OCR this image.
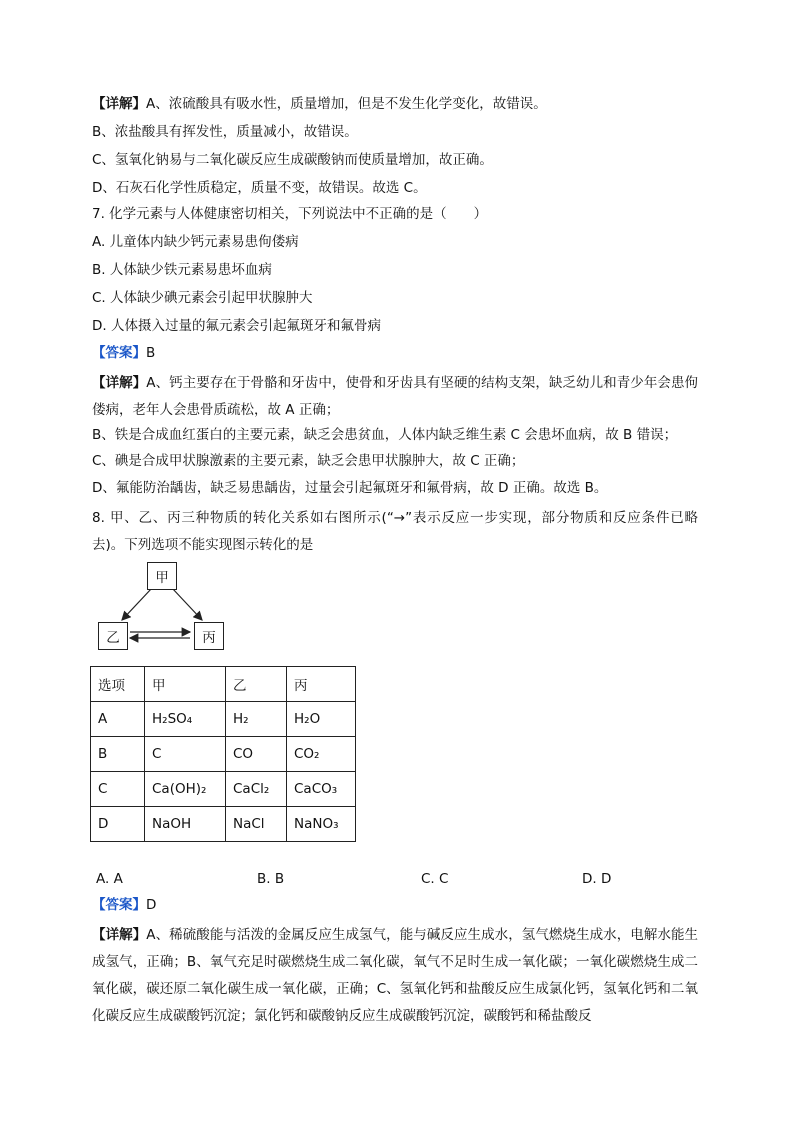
【详解】A、浓硫酸具有吸水性，质量增加，但是不发生化学变化，故错误。
B、浓盐酸具有挥发性，质量减小，故错误。
C、氢氧化钠易与二氧化碳反应生成碳酸钠而使质量增加，故正确。
D、石灰石化学性质稳定，质量不变，故错误。故选 C。
7. 化学元素与人体健康密切相关，下列说法中不正确的是（　　）
A. 儿童体内缺少钙元素易患佝偻病
B. 人体缺少铁元素易患坏血病
C. 人体缺少碘元素会引起甲状腺肿大
D. 人体摄入过量的氟元素会引起氟斑牙和氟骨病
【答案】B
【详解】A、钙主要存在于骨骼和牙齿中，使骨和牙齿具有坚硬的结构支架，缺乏幼儿和青少年会患佝偻病，老年人会患骨质疏松，故 A 正确；
B、铁是合成血红蛋白的主要元素，缺乏会患贫血，人体内缺乏维生素 C 会患坏血病，故 B 错误；
C、碘是合成甲状腺激素的主要元素，缺乏会患甲状腺肿大，故 C 正确；
D、氟能防治龋齿，缺乏易患龋齿，过量会引起氟斑牙和氟骨病，故 D 正确。故选 B。
8. 甲、乙、丙三种物质的转化关系如右图所示(“→”表示反应一步实现，部分物质和反应条件已略去)。下列选项不能实现图示转化的是
甲
乙	丙
选项	甲	乙	丙
A	H₂SO₄	H₂	H₂O
B	C	CO	CO₂
C	Ca(OH)₂	CaCl₂	CaCO₃
D	NaOH	NaCl	NaNO₃
A. A	B. B	C. C	D. D
【答案】D
【详解】A、稀硫酸能与活泼的金属反应生成氢气，能与碱反应生成水，氢气燃烧生成水，电解水能生成氢气，正确；B、氧气充足时碳燃烧生成二氧化碳，氧气不足时生成一氧化碳；一氧化碳燃烧生成二氧化碳，碳还原二氧化碳生成一氧化碳，正确；C、氢氧化钙和盐酸反应生成氯化钙，氢氧化钙和二氧化碳反应生成碳酸钙沉淀；氯化钙和碳酸钠反应生成碳酸钙沉淀，碳酸钙和稀盐酸反
